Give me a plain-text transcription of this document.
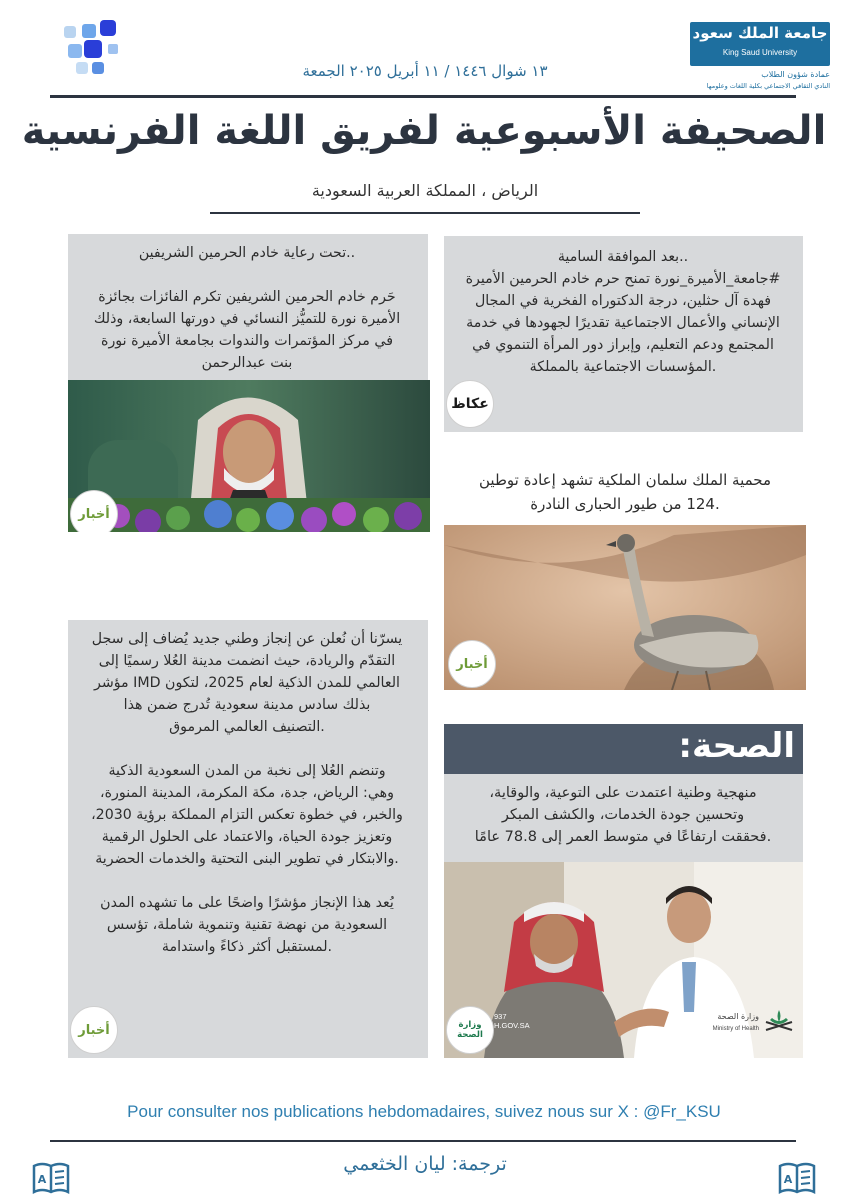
جامعة الملك سعود
King Saud University
عمادة شؤون الطلاب
النادي الثقافي الاجتماعي بكلية اللغات وعلومها
١٣ شوال ١٤٤٦ / ١١ أبريل ٢٠٢٥ الجمعة
الصحيفة الأسبوعية لفريق اللغة الفرنسية
الرياض ، المملكة العربية السعودية
..تحت رعاية خادم الحرمين الشريفين
حَرم خادم الحرمين الشريفين تكرم الفائزات بجائزة
الأميرة نورة للتميُّز النسائي في دورتها السابعة، وذلك
في مركز المؤتمرات والندوات بجامعة الأميرة نورة
بنت عبدالرحمن
أخبار
..بعد الموافقة السامية
#جامعة_الأميرة_نورة تمنح حرم خادم الحرمين الأميرة
فهدة آل حثلين، درجة الدكتوراه الفخرية في المجال
الإنساني والأعمال الاجتماعية تقديرًا لجهودها في خدمة
المجتمع ودعم التعليم، وإبراز دور المرأة التنموي في
.المؤسسات الاجتماعية بالمملكة
عكاظ
محمية الملك سلمان الملكية تشهد إعادة توطين
.124 من طيور الحبارى النادرة
أخبار
يسرّنا أن نُعلن عن إنجاز وطني جديد يُضاف إلى سجل
التقدّم والريادة، حيث انضمت مدينة العُلا رسميًا إلى
العالمي للمدن الذكية لعام 2025، لتكون IMD مؤشر
بذلك سادس مدينة سعودية تُدرج ضمن هذا
.التصنيف العالمي المرموق
وتنضم العُلا إلى نخبة من المدن السعودية الذكية
وهي: الرياض، جدة، مكة المكرمة، المدينة المنورة،
والخبر، في خطوة تعكس التزام المملكة برؤية 2030،
وتعزيز جودة الحياة، والاعتماد على الحلول الرقمية
.والابتكار في تطوير البنى التحتية والخدمات الحضرية
يُعد هذا الإنجاز مؤشرًا واضحًا على ما تشهده المدن
السعودية من نهضة تقنية وتنموية شاملة، تؤسس
.لمستقبل أكثر ذكاءً واستدامة
أخبار
الصحة:
منهجية وطنية اعتمدت على التوعية، والوقاية،
وتحسين جودة الخدمات، والكشف المبكر
.فحققت ارتفاعًا في متوسط العمر إلى 78.8 عامًا
وزارة الصحة
937 H.GOV.SA
وزارة الصحة
Ministry of Health
Pour consulter nos publications hebdomadaires, suivez nous sur X : @Fr_KSU
ترجمة: ليان الخثعمي
A	A
